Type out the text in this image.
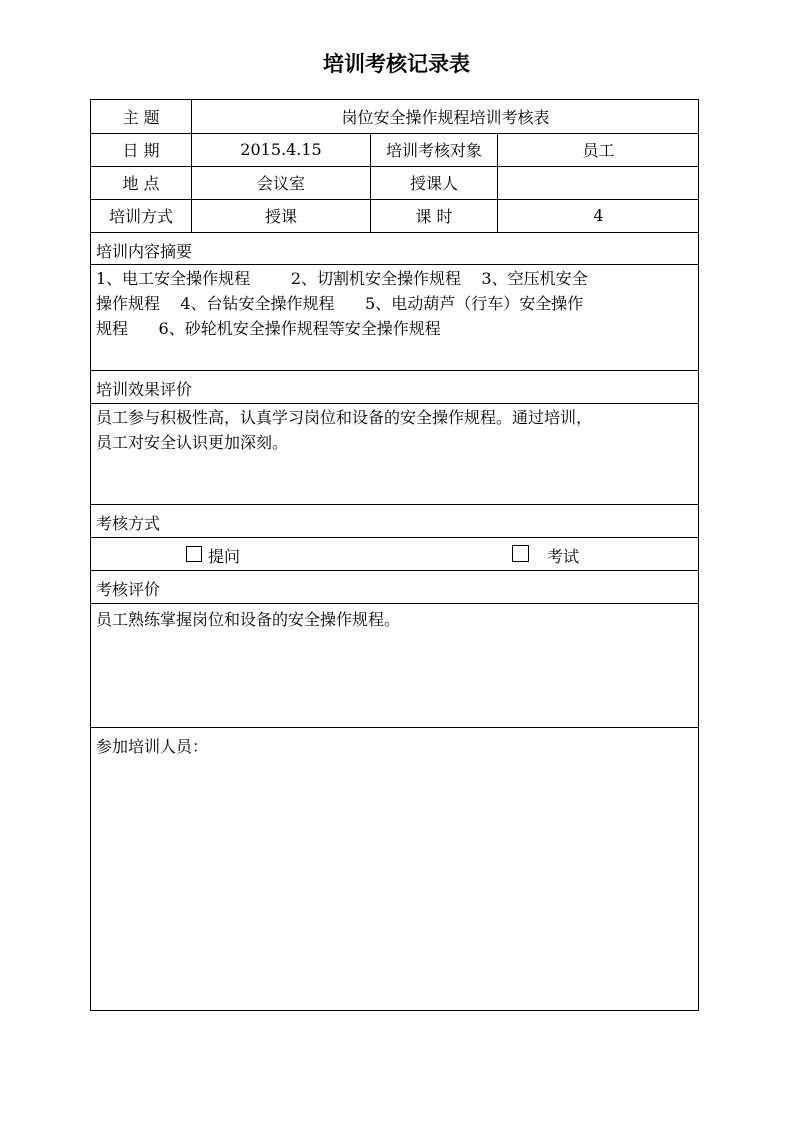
培训考核记录表
主 题	岗位安全操作规程培训考核表
日 期	2015.4.15	培训考核对象	员工
地 点	会议室	授课人
培训方式	授课	课 时	4
培训内容摘要
1、电工安全操作规程        2、切割机安全操作规程    3、空压机安全
操作规程    4、台钻安全操作规程      5、电动葫芦（行车）安全操作
规程      6、砂轮机安全操作规程等安全操作规程
培训效果评价
员工参与积极性高，认真学习岗位和设备的安全操作规程。通过培训，
员工对安全认识更加深刻。
考核方式
提问	考试
考核评价
员工熟练掌握岗位和设备的安全操作规程。
参加培训人员：
